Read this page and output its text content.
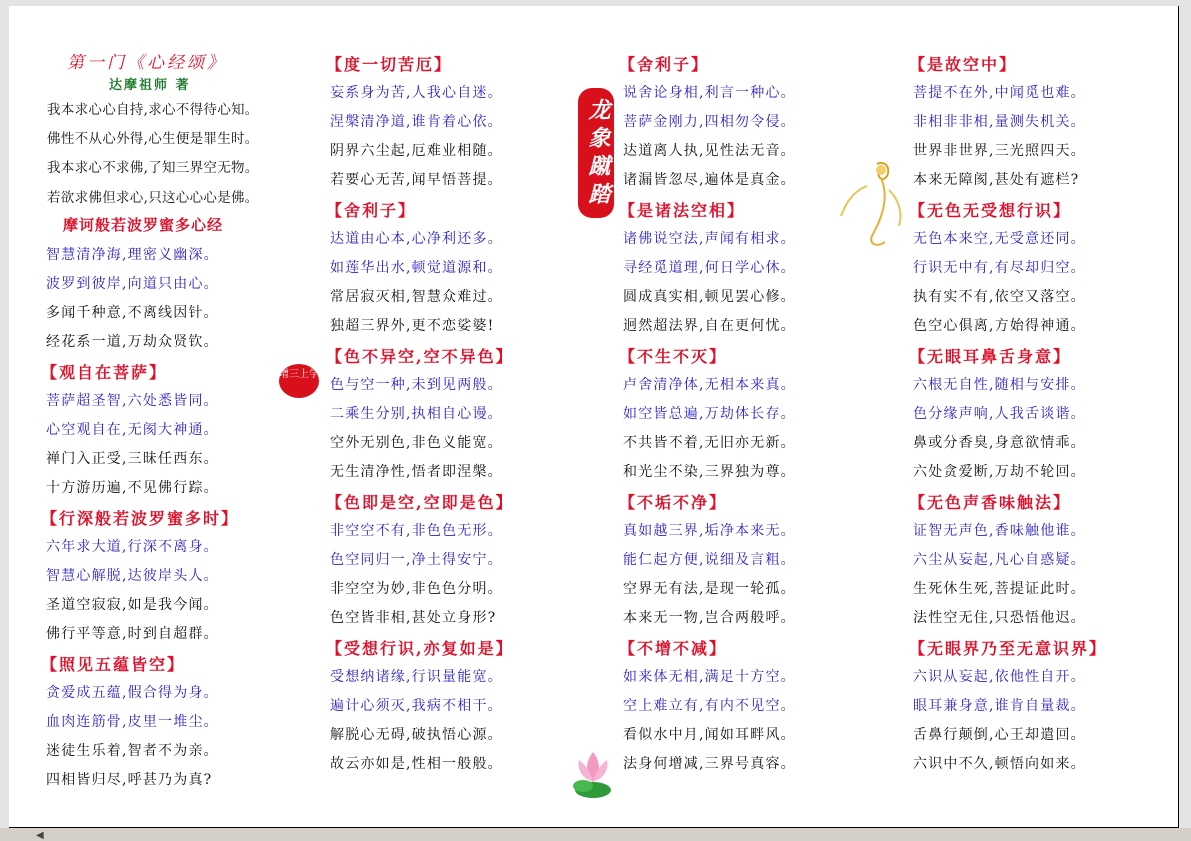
第一门《心经颂》
达摩祖师 著
我本求心心自持,求心不得待心知。
佛性不从心外得,心生便是罪生时。
我本求心不求佛,了知三界空无物。
若欲求佛但求心,只这心心心是佛。
摩诃般若波罗蜜多心经
智慧清净海,理密义幽深。
波罗到彼岸,向道只由心。
多闻千种意,不离线因针。
经花系一道,万劫众贤钦。
【观自在菩萨】
菩萨超圣智,六处悉皆同。
心空观自在,无阂大神通。
禅门入正受,三昧任西东。
十方游历遍,不见佛行踪。
【行深般若波罗蜜多时】
六年求大道,行深不离身。
智慧心解脱,达彼岸头人。
圣道空寂寂,如是我今闻。
佛行平等意,时到自超群。
【照见五蕴皆空】
贪爱成五蕴,假合得为身。
血肉连筋骨,皮里一堆尘。
迷徒生乐着,智者不为亲。
四相皆归尽,呼甚乃为真?
【度一切苦厄】
妄系身为苦,人我心自迷。
涅槃清净道,谁肯着心依。
阴界六尘起,厄难业相随。
若要心无苦,闻早悟菩提。
【舍利子】
达道由心本,心净利还多。
如莲华出水,顿觉道源和。
常居寂灭相,智慧众难过。
独超三界外,更不恋娑婆!
【色不异空,空不异色】
色与空一种,未到见两般。
二乘生分别,执相自心谩。
空外无别色,非色义能宽。
无生清净性,悟者即涅槃。
【色即是空,空即是色】
非空空不有,非色色无形。
色空同归一,净土得安宁。
非空空为妙,非色色分明。
色空皆非相,甚处立身形?
【受想行识,亦复如是】
受想纳诸缘,行识量能宽。
遍计心须灭,我病不相干。
解脱心无碍,破执悟心源。
故云亦如是,性相一般般。
【舍利子】
说舍论身相,利言一种心。
菩萨金刚力,四相勿令侵。
达道离人执,见性法无音。
诸漏皆忽尽,遍体是真金。
【是诸法空相】
诸佛说空法,声闻有相求。
寻经觅道理,何日学心休。
圆成真实相,顿见罢心修。
迥然超法界,自在更何忧。
【不生不灭】
卢舍清净体,无相本来真。
如空皆总遍,万劫体长存。
不共皆不着,无旧亦无新。
和光尘不染,三界独为尊。
【不垢不净】
真如越三界,垢净本来无。
能仁起方便,说细及言粗。
空界无有法,是现一轮孤。
本来无一物,岂合两般呼。
【不增不减】
如来体无相,满足十方空。
空上难立有,有内不见空。
看似水中月,闻如耳畔风。
法身何增减,三界号真容。
【是故空中】
菩提不在外,中闻觅也难。
非相非非相,量测失机关。
世界非世界,三光照四天。
本来无障阂,甚处有遮栏?
【无色无受想行识】
无色本来空,无受意还同。
行识无中有,有尽却归空。
执有实不有,依空又落空。
色空心俱离,方始得神通。
【无眼耳鼻舌身意】
六根无自性,随相与安排。
色分缘声响,人我舌谈谐。
鼻或分香臭,身意欲情乖。
六处贪爱断,万劫不轮回。
【无色声香味触法】
证智无声色,香味触他谁。
六尘从妄起,凡心自惑疑。
生死休生死,菩提证此时。
法性空无住,只恐悟他迟。
【无眼界乃至无意识界】
六识从妄起,依他性自开。
眼耳兼身意,谁肯自量裁。
舌鼻行颠倒,心王却遣回。
六识中不久,顿悟向如来。
龙象蹴踏
增三上学
◀
